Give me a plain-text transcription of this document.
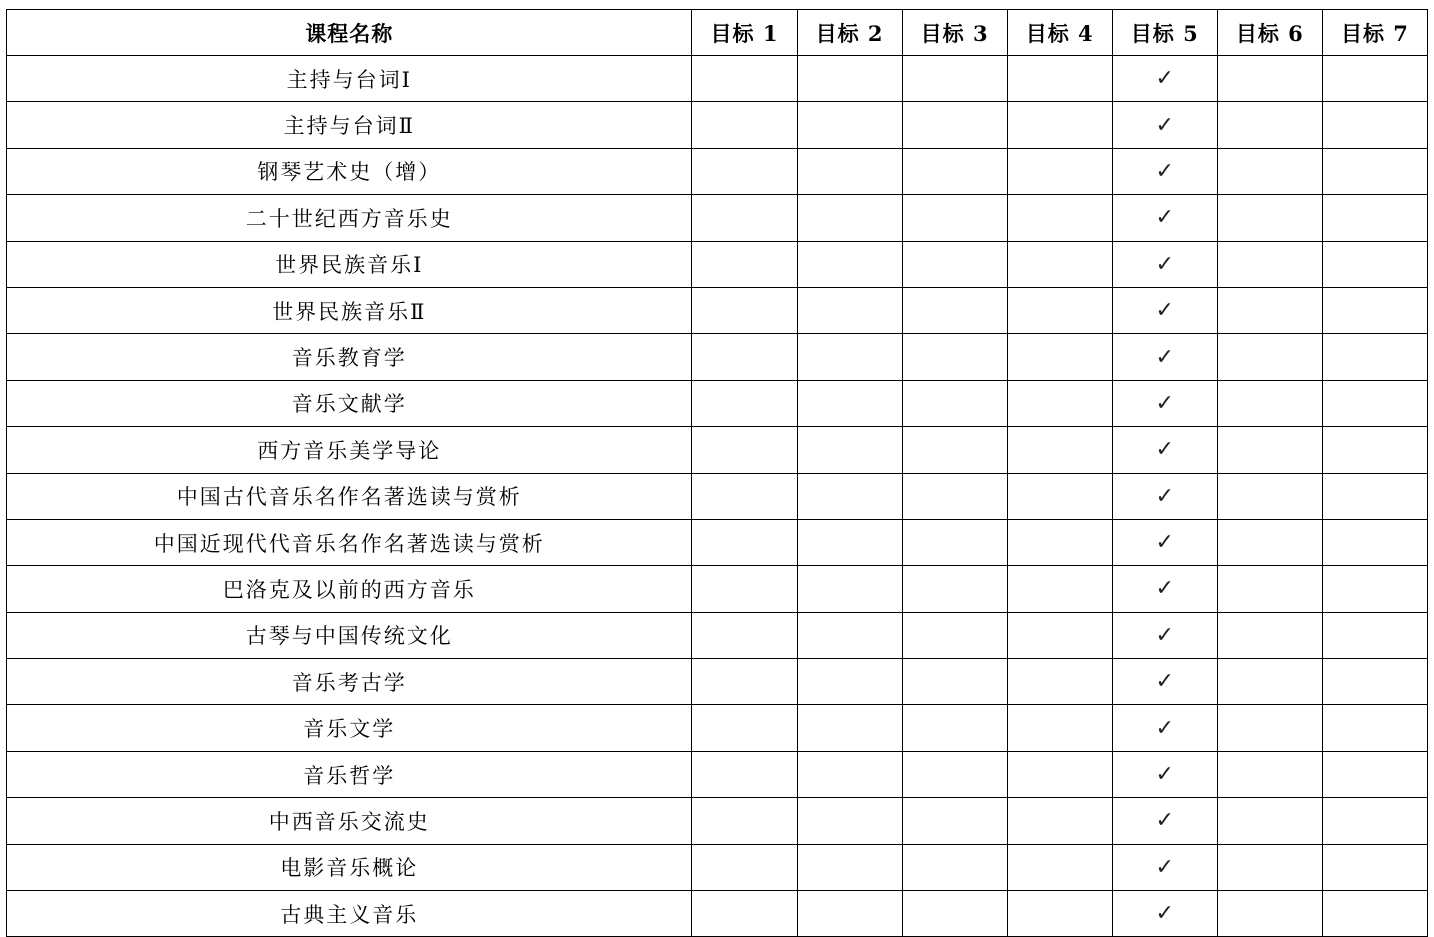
课程名称	目标 1	目标 2	目标 3	目标 4	目标 5	目标 6	目标 7
主持与台词Ⅰ					✓		
主持与台词Ⅱ					✓		
钢琴艺术史（增）					✓		
二十世纪西方音乐史					✓		
世界民族音乐Ⅰ					✓		
世界民族音乐Ⅱ					✓		
音乐教育学					✓		
音乐文献学					✓		
西方音乐美学导论					✓		
中国古代音乐名作名著选读与赏析					✓		
中国近现代代音乐名作名著选读与赏析					✓		
巴洛克及以前的西方音乐					✓		
古琴与中国传统文化					✓		
音乐考古学					✓		
音乐文学					✓		
音乐哲学					✓		
中西音乐交流史					✓		
电影音乐概论					✓		
古典主义音乐					✓		
